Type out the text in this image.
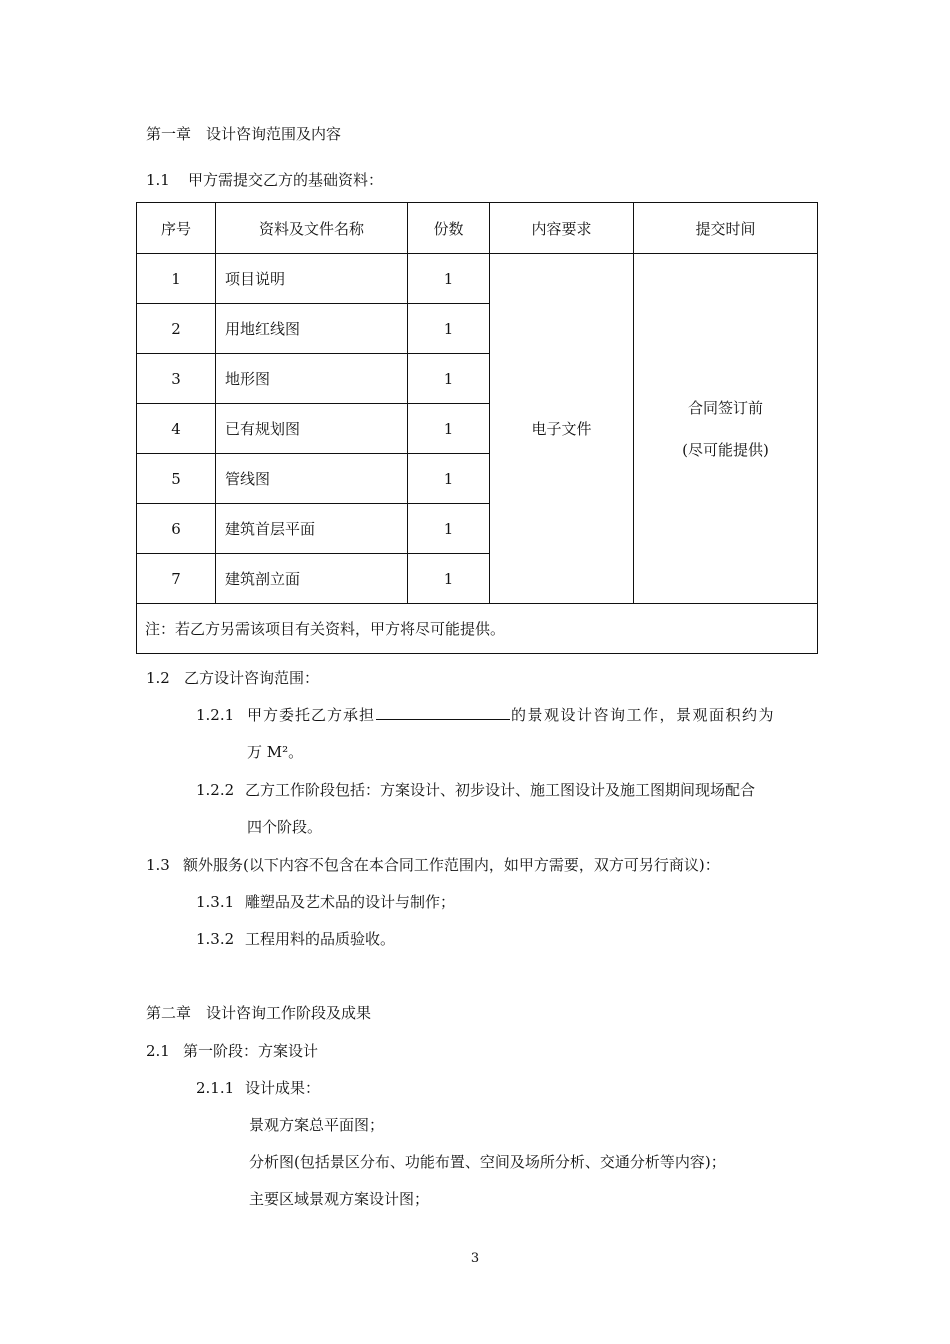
第一章　设计咨询范围及内容
1.1 甲方需提交乙方的基础资料：
序号	资料及文件名称	份数	内容要求	提交时间
1	项目说明	1	电子文件	合同签订前
(尽可能提供)

2	用地红线图	1		
3	地形图	1		
4	已有规划图	1		
5	管线图	1		
6	建筑首层平面	1		
7	建筑剖立面	1		
注：若乙方另需该项目有关资料，甲方将尽可能提供。				
1.2 乙方设计咨询范围：
1.2.1 甲方委托乙方承担	的景观设计咨询工作，景观面积约为
万 M²。
1.2.2 乙方工作阶段包括：方案设计、初步设计、施工图设计及施工图期间现场配合
四个阶段。
1.3 额外服务(以下内容不包含在本合同工作范围内，如甲方需要，双方可另行商议)：
1.3.1 雕塑品及艺术品的设计与制作；
1.3.2 工程用料的品质验收。
第二章　设计咨询工作阶段及成果
2.1 第一阶段：方案设计
2.1.1 设计成果：
景观方案总平面图；
分析图(包括景区分布、功能布置、空间及场所分析、交通分析等内容)；
主要区域景观方案设计图；
3
